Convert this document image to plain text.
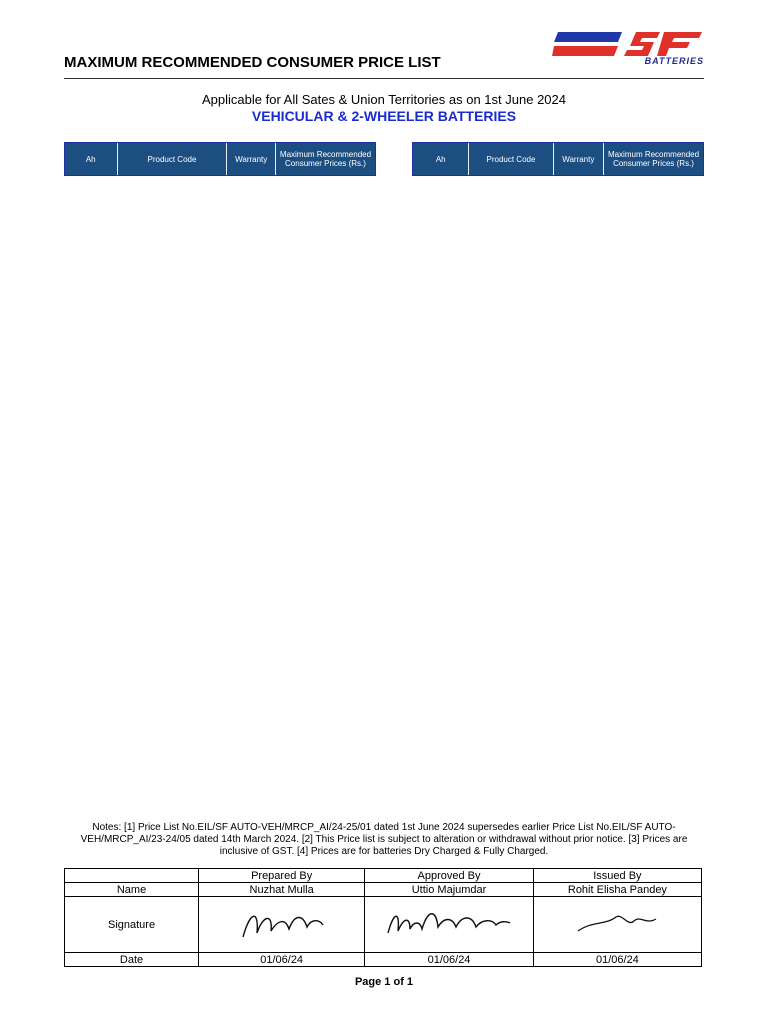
MAXIMUM RECOMMENDED CONSUMER PRICE LIST	BATTERIES
Applicable for All Sates & Union Territories as on 1st June 2024
VEHICULAR & 2-WHEELER BATTERIES
Ah	Product Code	Warranty	Maximum Recommended Consumer Prices (Rs.)	Ah	Product Code	Warranty	Maximum Recommended Consumer Prices (Rs.)
Notes: [1] Price List No.EIL/SF AUTO-VEH/MRCP_AI/24-25/01 dated 1st June 2024 supersedes earlier Price List No.EIL/SF AUTO-VEH/MRCP_AI/23-24/05 dated 14th March 2024. [2] This Price list is subject to alteration or withdrawal without prior notice. [3] Prices are inclusive of GST. [4] Prices are for batteries Dry Charged & Fully Charged.
	Prepared By	Approved By	Issued By
Name	Nuzhat Mulla	Uttio Majumdar	Rohit Elisha Pandey
Signature			
Date	01/06/24	01/06/24	01/06/24
Page 1 of 1
